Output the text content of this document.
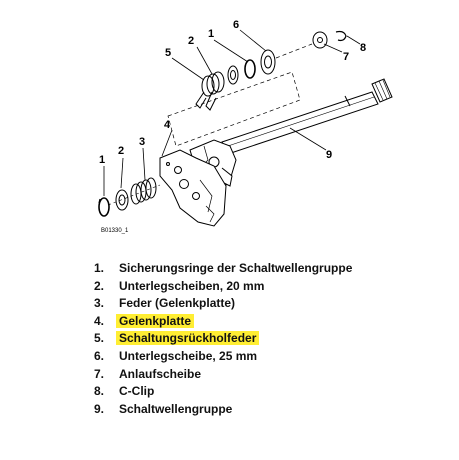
4
3
2
1
5
2
1
6
8
7
9
B01330_1
1. Sicherungsringe der Schaltwellengruppe
2. Unterlegscheiben, 20 mm
3. Feder (Gelenkplatte)
4. Gelenkplatte
5. Schaltungsrückholfeder
6. Unterlegscheibe, 25 mm
7. Anlaufscheibe
8. C-Clip
9. Schaltwellengruppe
